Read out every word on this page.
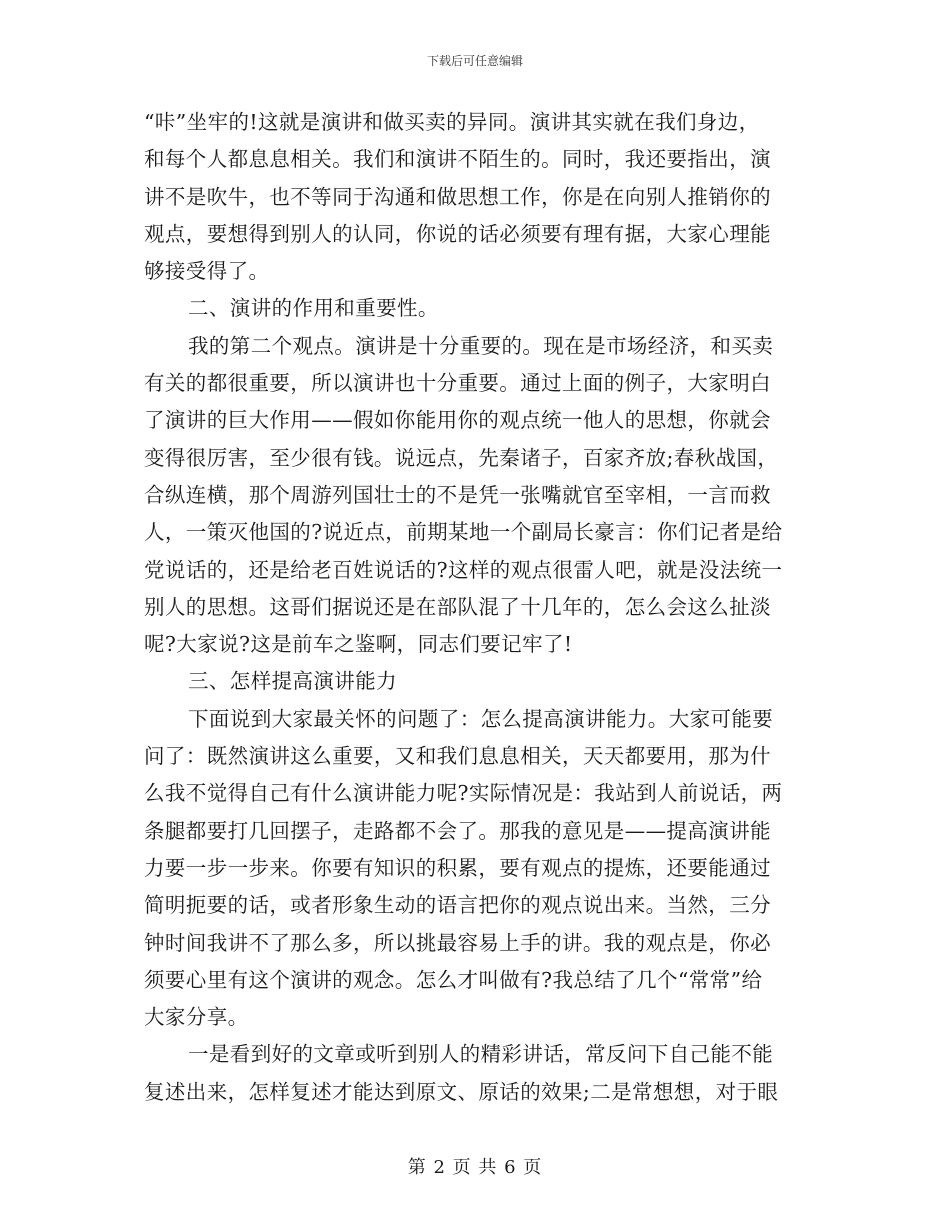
下载后可任意编辑
“咔”坐牢的!这就是演讲和做买卖的异同。演讲其实就在我们身边，
和每个人都息息相关。我们和演讲不陌生的。同时，我还要指出，演
讲不是吹牛，也不等同于沟通和做思想工作，你是在向别人推销你的
观点，要想得到别人的认同，你说的话必须要有理有据，大家心理能
够接受得了。
二、演讲的作用和重要性。
我的第二个观点。演讲是十分重要的。现在是市场经济，和买卖
有关的都很重要，所以演讲也十分重要。通过上面的例子，大家明白
了演讲的巨大作用——假如你能用你的观点统一他人的思想，你就会
变得很厉害，至少很有钱。说远点，先秦诸子，百家齐放;春秋战国，
合纵连横，那个周游列国壮士的不是凭一张嘴就官至宰相，一言而救
人，一策灭他国的?说近点，前期某地一个副局长豪言：你们记者是给
党说话的，还是给老百姓说话的?这样的观点很雷人吧，就是没法统一
别人的思想。这哥们据说还是在部队混了十几年的，怎么会这么扯淡
呢?大家说?这是前车之鉴啊，同志们要记牢了!
三、怎样提高演讲能力
下面说到大家最关怀的问题了：怎么提高演讲能力。大家可能要
问了：既然演讲这么重要，又和我们息息相关，天天都要用，那为什
么我不觉得自己有什么演讲能力呢?实际情况是：我站到人前说话，两
条腿都要打几回摆子，走路都不会了。那我的意见是——提高演讲能
力要一步一步来。你要有知识的积累，要有观点的提炼，还要能通过
简明扼要的话，或者形象生动的语言把你的观点说出来。当然，三分
钟时间我讲不了那么多，所以挑最容易上手的讲。我的观点是，你必
须要心里有这个演讲的观念。怎么才叫做有?我总结了几个“常常”给
大家分享。
一是看到好的文章或听到别人的精彩讲话，常反问下自己能不能
复述出来，怎样复述才能达到原文、原话的效果;二是常想想，对于眼
第 2 页 共 6 页
